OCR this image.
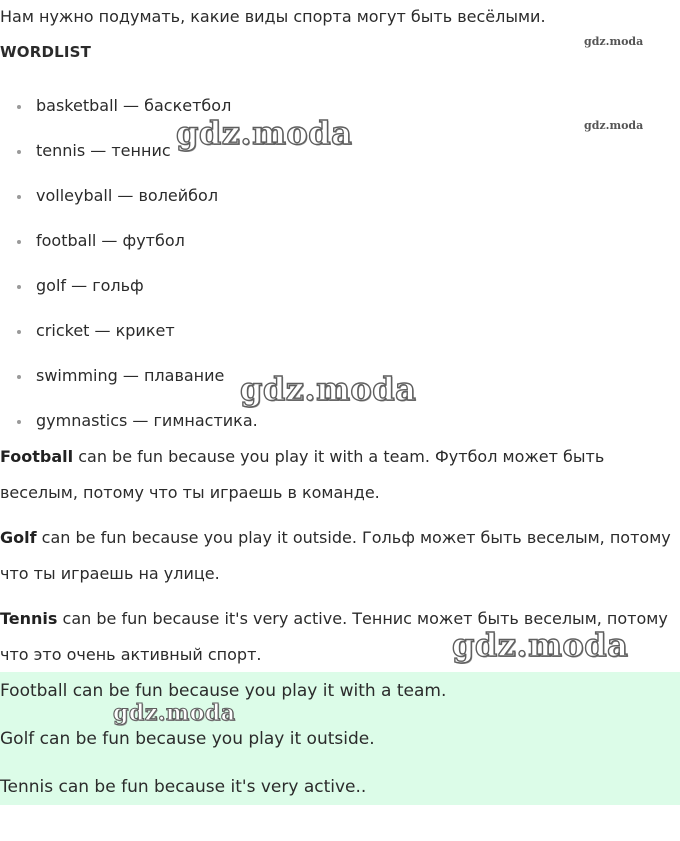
Нам нужно подумать, какие виды спорта могут быть весёлыми.
WORDLIST
basketball — баскетбол
tennis — теннис
volleyball — волейбол
football — футбол
golf — гольф
cricket — крикет
swimming — плавание
gymnastics — гимнастика.
Football can be fun because you play it with a team. Футбол может быть веселым, потому что ты играешь в команде.
Golf can be fun because you play it outside. Гольф может быть веселым, потому что ты играешь на улице.
Tennis can be fun because it's very active. Теннис может быть веселым, потому что это очень активный спорт.
Football can be fun because you play it with a team.
Golf can be fun because you play it outside.
Tennis can be fun because it's very active..
gdz.moda
gdz.moda
gdz.moda
gdz.moda
gdz.moda
gdz.moda
